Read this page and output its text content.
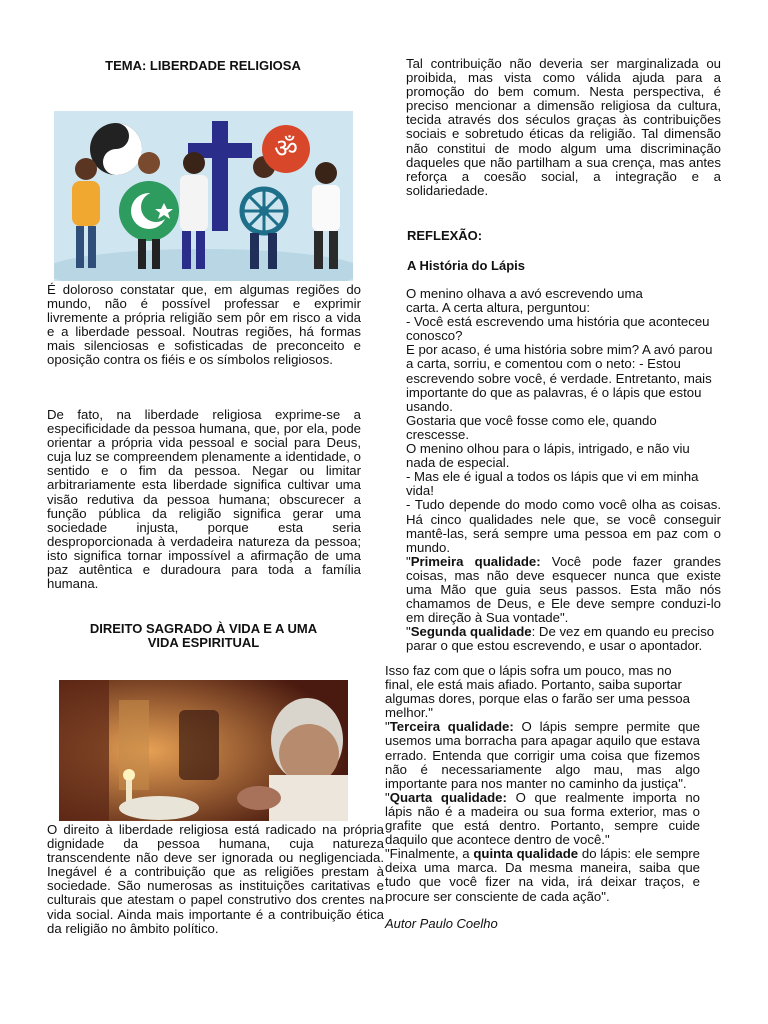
TEMA: LIBERDADE RELIGIOSA
ॐ

É doloroso constatar que, em algumas regiões do mundo, não é possível professar e exprimir livremente a própria religião sem pôr em risco a vida e a liberdade pessoal. Noutras regiões, há formas mais silenciosas e sofisticadas de preconceito e oposição contra os fiéis e os símbolos religiosos.

De fato, na liberdade religiosa exprime-se a especificidade da pessoa humana, que, por ela, pode orientar a própria vida pessoal e social para Deus, cuja luz se compreendem plenamente a identidade, o sentido e o fim da pessoa. Negar ou limitar arbitrariamente esta liberdade significa cultivar uma visão redutiva da pessoa humana; obscurecer a função pública da religião significa gerar uma sociedade injusta, porque esta seria desproporcionada à verdadeira natureza da pessoa; isto significa tornar impossível a afirmação de uma paz autêntica e duradoura para toda a família humana.

DIREITO SAGRADO À VIDA E A UMA VIDA ESPIRITUAL

O direito à liberdade religiosa está radicado na própria dignidade da pessoa humana, cuja natureza transcendente não deve ser ignorada ou negligenciada. Inegável é a contribuição que as religiões prestam à sociedade. São numerosas as instituições caritativas e culturais que atestam o papel construtivo dos crentes na vida social. Ainda mais importante é a contribuição ética da religião no âmbito político.

Tal contribuição não deveria ser marginalizada ou proibida, mas vista como válida ajuda para a promoção do bem comum. Nesta perspectiva, é preciso mencionar a dimensão religiosa da cultura, tecida através dos séculos graças às contribuições sociais e sobretudo éticas da religião. Tal dimensão não constitui de modo algum uma discriminação daqueles que não partilham a sua crença, mas antes reforça a coesão social, a integração e a solidariedade.

REFLEXÃO:
A História do Lápis

O menino olhava a avó escrevendo uma carta. A certa altura, perguntou:

- Você está escrevendo uma história que aconteceu conosco?

E por acaso, é uma história sobre mim? A avó parou a carta, sorriu, e comentou com o neto: - Estou escrevendo sobre você, é verdade. Entretanto, mais importante do que as palavras, é o lápis que estou usando.

Gostaria que você fosse como ele, quando crescesse.

O menino olhou para o lápis, intrigado, e não viu nada de especial.

- Mas ele é igual a todos os lápis que vi em minha vida!

- Tudo depende do modo como você olha as coisas. Há cinco qualidades nele que, se você conseguir mantê-las, será sempre uma pessoa em paz com o mundo.

"Primeira qualidade: Você pode fazer grandes coisas, mas não deve esquecer nunca que existe uma Mão que guia seus passos. Esta mão nós chamamos de Deus, e Ele deve sempre conduzi-lo em direção à Sua vontade".

"Segunda qualidade: De vez em quando eu preciso parar o que estou escrevendo, e usar o apontador.

Isso faz com que o lápis sofra um pouco, mas no final, ele está mais afiado. Portanto, saiba suportar algumas dores, porque elas o farão ser uma pessoa melhor."

"Terceira qualidade: O lápis sempre permite que usemos uma borracha para apagar aquilo que estava errado. Entenda que corrigir uma coisa que fizemos não é necessariamente algo mau, mas algo importante para nos manter no caminho da justiça".

"Quarta qualidade: O que realmente importa no lápis não é a madeira ou sua forma exterior, mas o grafite que está dentro. Portanto, sempre cuide daquilo que acontece dentro de você."

"Finalmente, a quinta qualidade do lápis: ele sempre deixa uma marca. Da mesma maneira, saiba que tudo que você fizer na vida, irá deixar traços, e procure ser consciente de cada ação".

Autor Paulo Coelho
